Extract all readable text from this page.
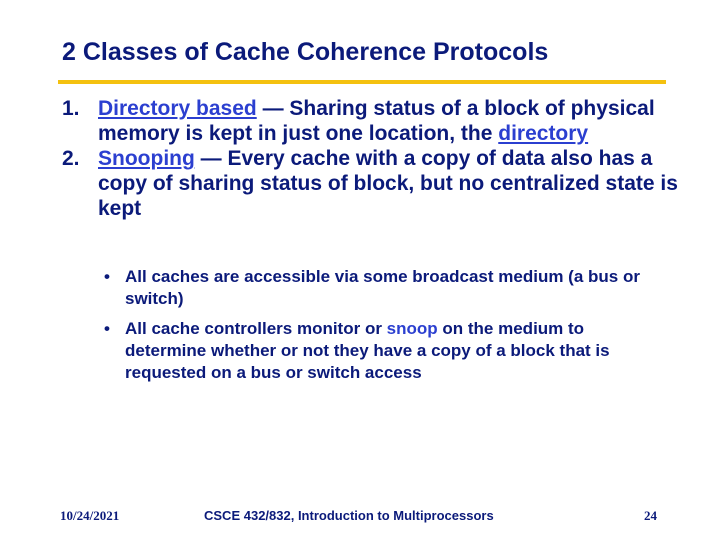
2 Classes of Cache Coherence Protocols
1. Directory based — Sharing status of a block of physical memory is kept in just one location, the directory
2. Snooping — Every cache with a copy of data also has a copy of sharing status of block, but no centralized state is kept
• All caches are accessible via some broadcast medium (a bus or switch)
• All cache controllers monitor or snoop on the medium to determine whether or not they have a copy of a block that is requested on a bus or switch access
10/24/2021	CSCE 432/832, Introduction to Multiprocessors	24
